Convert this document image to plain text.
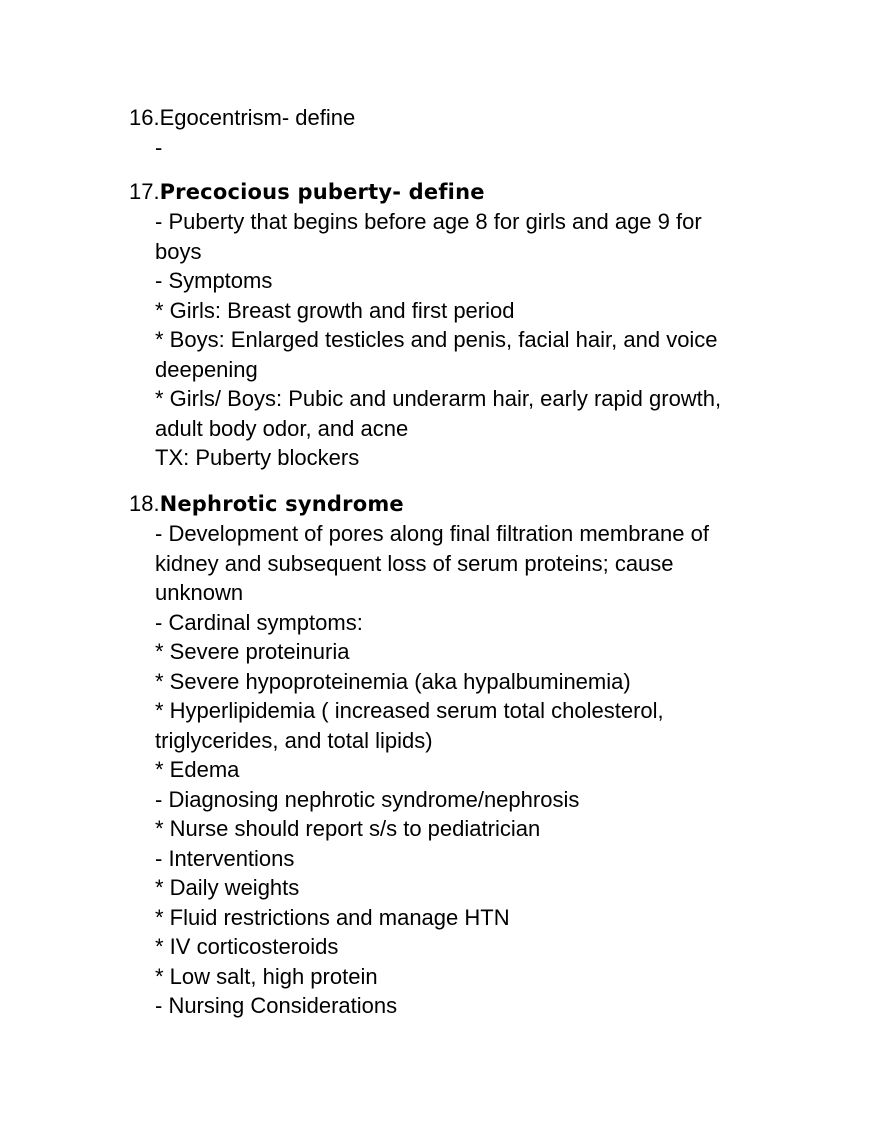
16.Egocentrism- define
-
17.Precocious puberty- define
- Puberty that begins before age 8 for girls and age 9 for
boys
- Symptoms
* Girls: Breast growth and first period
* Boys: Enlarged testicles and penis, facial hair, and voice
deepening
* Girls/ Boys: Pubic and underarm hair, early rapid growth,
adult body odor, and acne
TX: Puberty blockers
18.Nephrotic syndrome
- Development of pores along final filtration membrane of
kidney and subsequent loss of serum proteins; cause
unknown
- Cardinal symptoms:
* Severe proteinuria
* Severe hypoproteinemia (aka hypalbuminemia)
* Hyperlipidemia ( increased serum total cholesterol,
triglycerides, and total lipids)
* Edema
- Diagnosing nephrotic syndrome/nephrosis
* Nurse should report s/s to pediatrician
- Interventions
* Daily weights
* Fluid restrictions and manage HTN
* IV corticosteroids
* Low salt, high protein
- Nursing Considerations
